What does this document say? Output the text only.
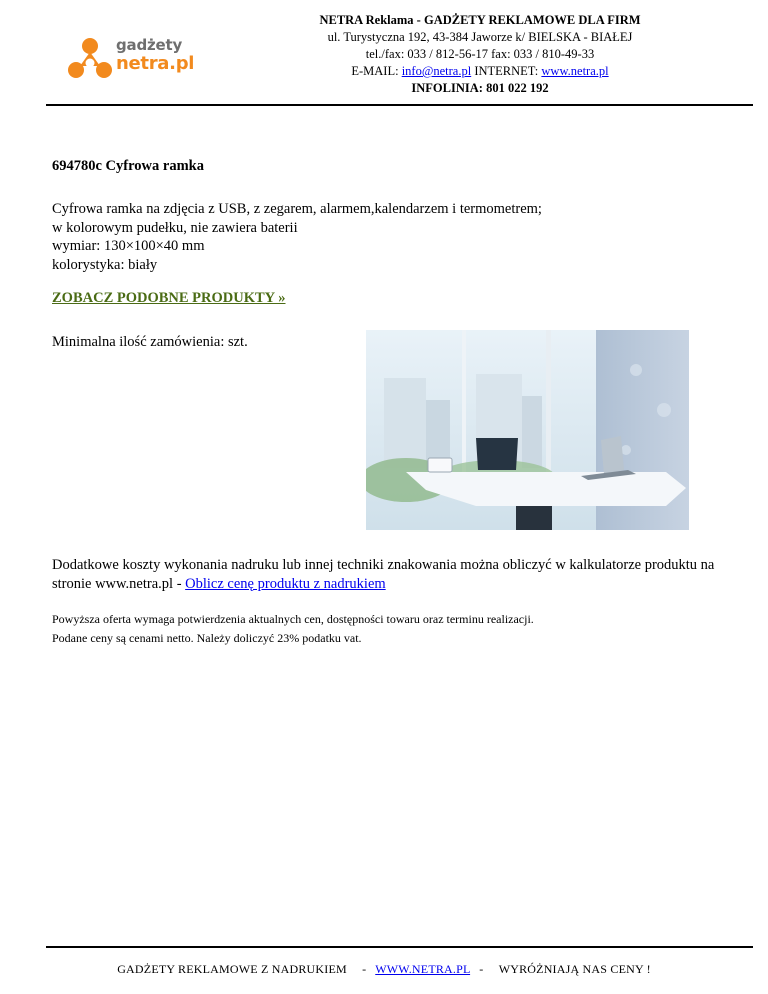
gadżety
netra.pl
NETRA Reklama - GADŻETY REKLAMOWE DLA FIRM
ul. Turystyczna 192, 43-384 Jaworze k/ BIELSKA - BIAŁEJ
tel./fax: 033 / 812-56-17 fax: 033 / 810-49-33
E-MAIL: info@netra.pl INTERNET: www.netra.pl
INFOLINIA: 801 022 192
694780c Cyfrowa ramka
Cyfrowa ramka na zdjęcia z USB, z zegarem, alarmem,kalendarzem i termometrem;
w kolorowym pudełku, nie zawiera baterii
wymiar: 130×100×40 mm
kolorystyka: biały
ZOBACZ PODOBNE PRODUKTY »
Minimalna ilość zamówienia: szt.
Dodatkowe koszty wykonania nadruku lub innej techniki znakowania można obliczyć w kalkulatorze produktu na stronie www.netra.pl - Oblicz cenę produktu z nadrukiem
Powyższa oferta wymaga potwierdzenia aktualnych cen, dostępności towaru oraz terminu realizacji.
Podane ceny są cenami netto. Należy doliczyć 23% podatku vat.
GADŻETY REKLAMOWE Z NADRUKIEM - WWW.NETRA.PL - WYRÓŻNIAJĄ NAS CENY !
